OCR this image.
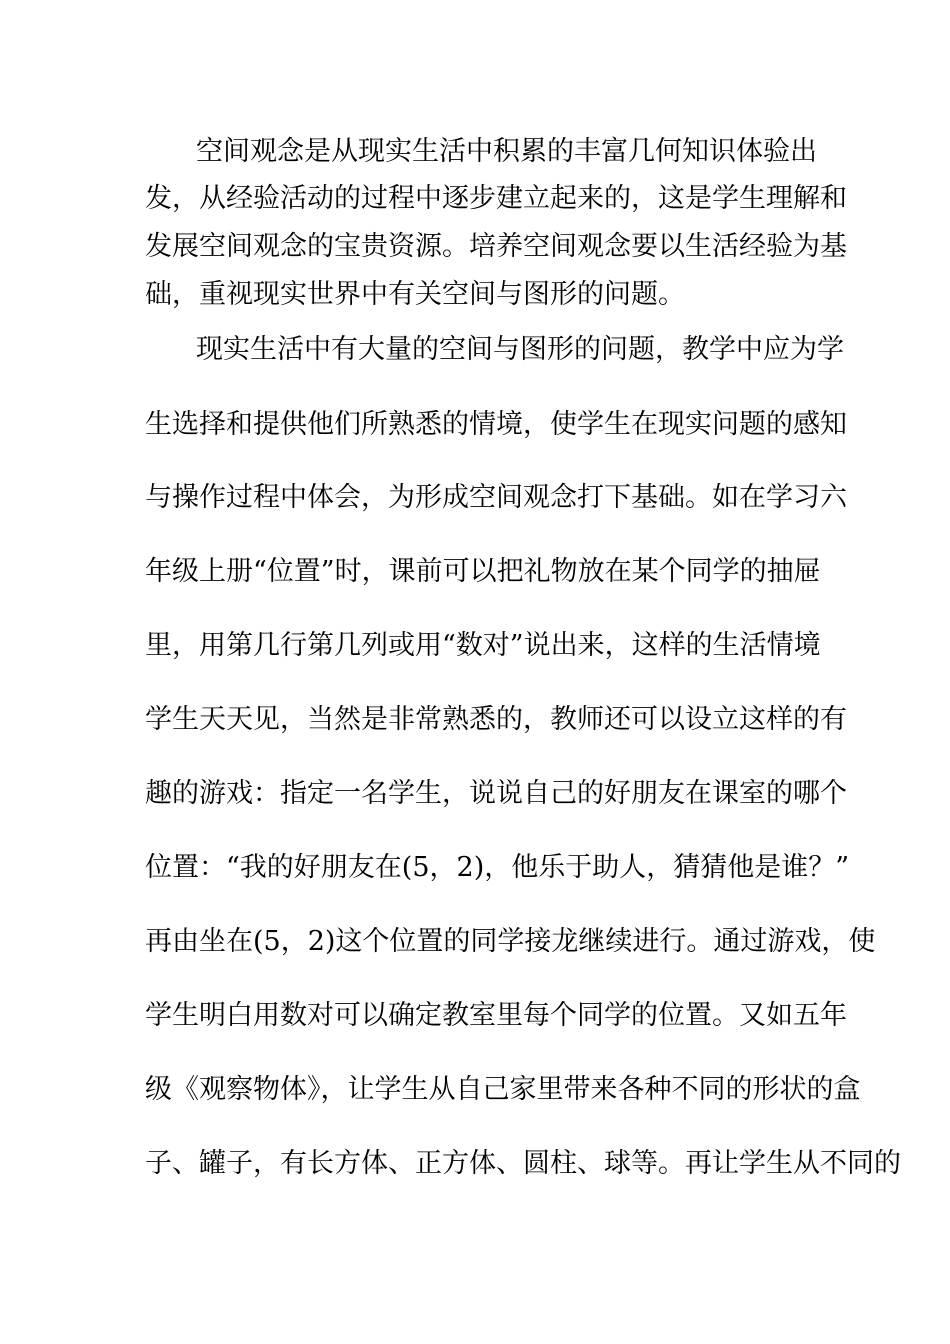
空间观念是从现实生活中积累的丰富几何知识体验出
发，从经验活动的过程中逐步建立起来的，这是学生理解和
发展空间观念的宝贵资源。培养空间观念要以生活经验为基
础，重视现实世界中有关空间与图形的问题。
现实生活中有大量的空间与图形的问题，教学中应为学
生选择和提供他们所熟悉的情境，使学生在现实问题的感知
与操作过程中体会，为形成空间观念打下基础。如在学习六
年级上册“位置”时，课前可以把礼物放在某个同学的抽屉
里，用第几行第几列或用“数对”说出来，这样的生活情境
学生天天见，当然是非常熟悉的，教师还可以设立这样的有
趣的游戏：指定一名学生，说说自己的好朋友在课室的哪个
位置：“我的好朋友在(5，2)，他乐于助人，猜猜他是谁？”
再由坐在(5，2)这个位置的同学接龙继续进行。通过游戏，使
学生明白用数对可以确定教室里每个同学的位置。又如五年
级《观察物体》，让学生从自己家里带来各种不同的形状的盒
子、罐子，有长方体、正方体、圆柱、球等。再让学生从不同的
